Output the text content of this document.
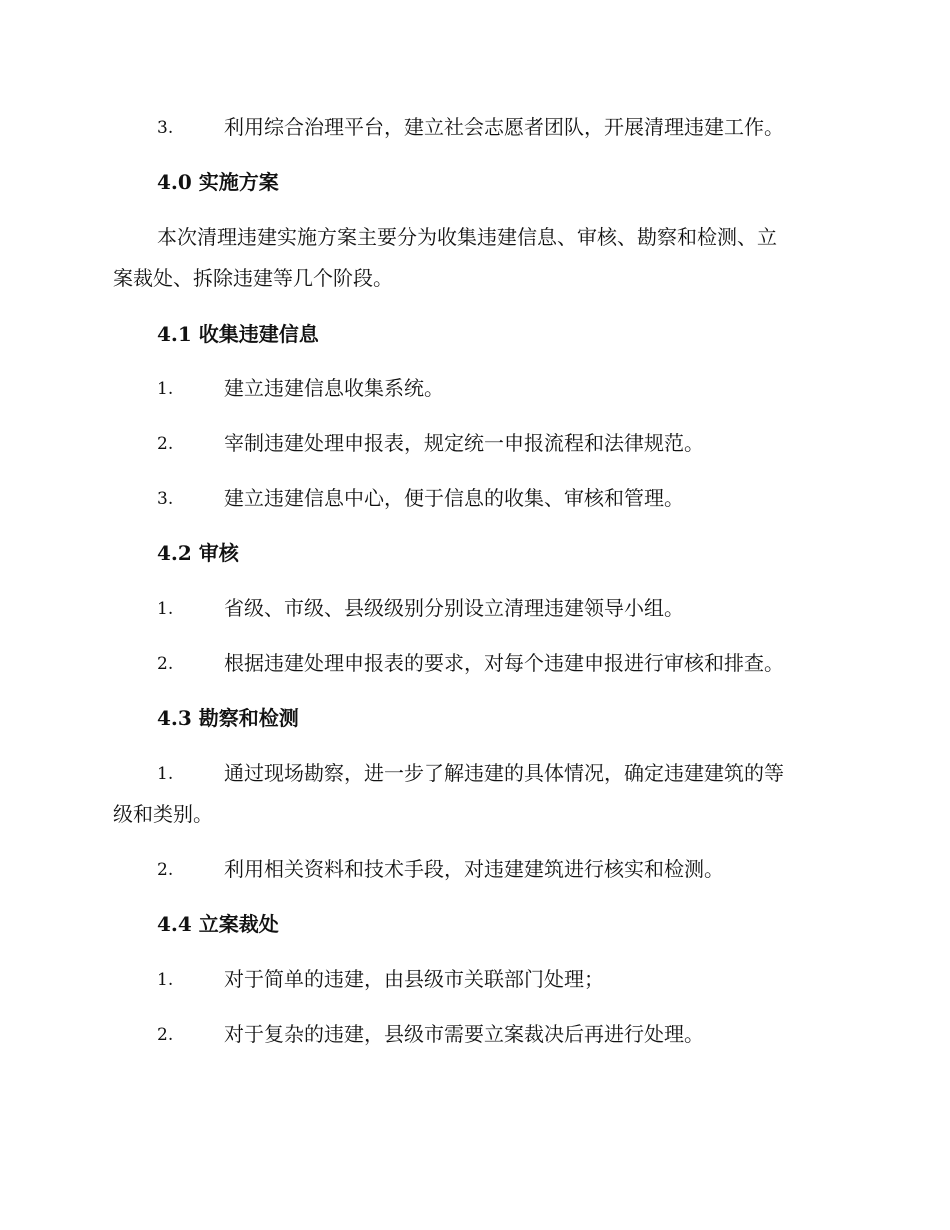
3.	利用综合治理平台，建立社会志愿者团队，开展清理违建工作。
4.0 实施方案
本次清理违建实施方案主要分为收集违建信息、审核、勘察和检测、立
案裁处、拆除违建等几个阶段。
4.1 收集违建信息
1.	建立违建信息收集系统。
2.	宰制违建处理申报表，规定统一申报流程和法律规范。
3.	建立违建信息中心，便于信息的收集、审核和管理。
4.2 审核
1.	省级、市级、县级级别分别设立清理违建领导小组。
2.	根据违建处理申报表的要求，对每个违建申报进行审核和排查。
4.3 勘察和检测
1.	通过现场勘察，进一步了解违建的具体情况，确定违建建筑的等
级和类别。
2.	利用相关资料和技术手段，对违建建筑进行核实和检测。
4.4 立案裁处
1.	对于简单的违建，由县级市关联部门处理；
2.	对于复杂的违建，县级市需要立案裁决后再进行处理。
